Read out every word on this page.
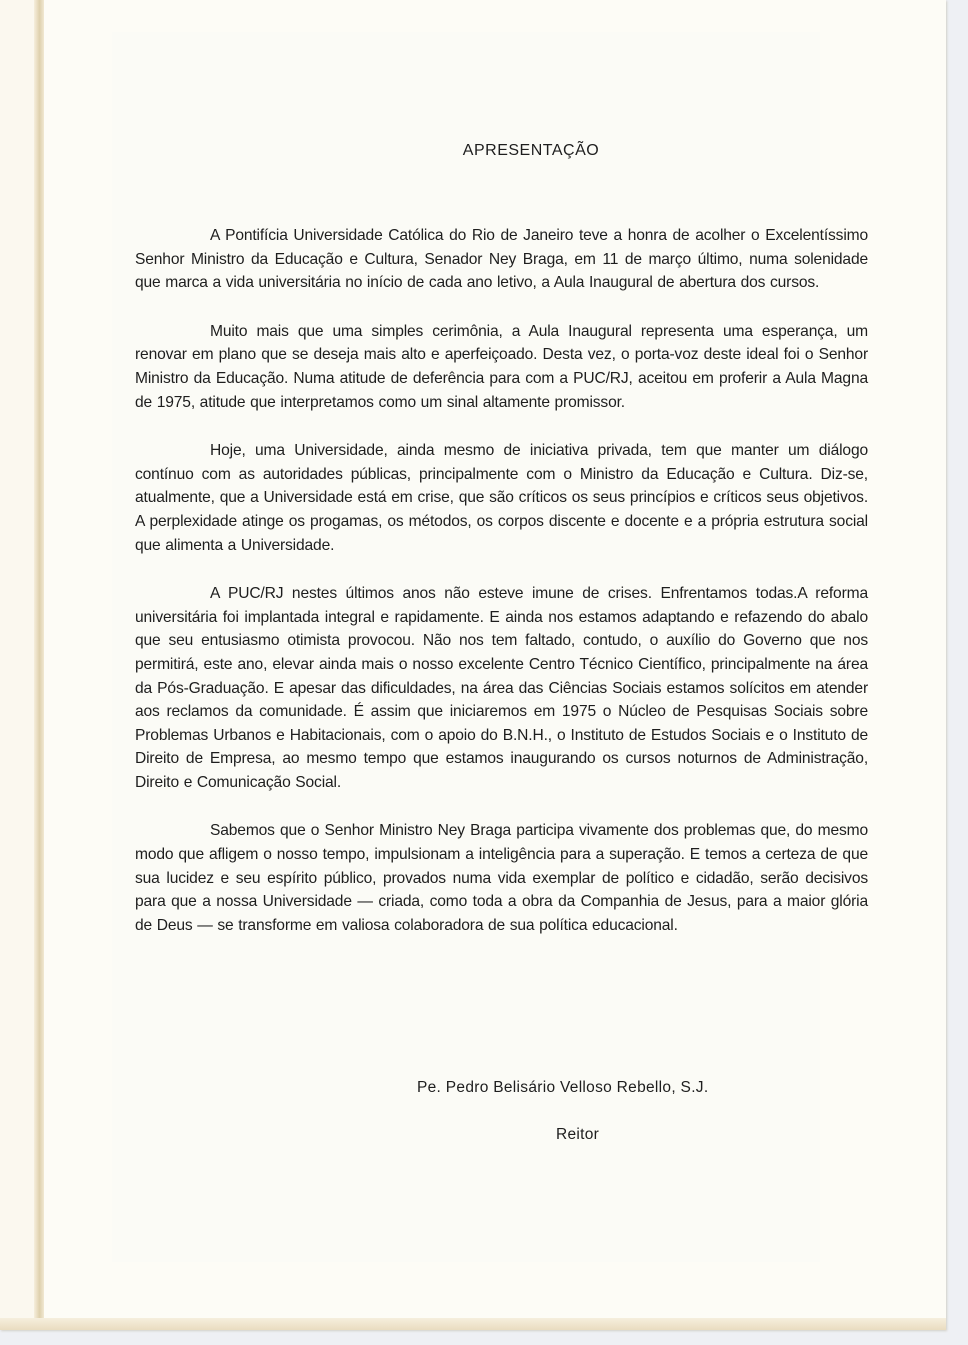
APRESENTAÇÃO

A Pontifícia Universidade Católica do Rio de Janeiro teve a honra de acolher o Excelentíssimo Senhor Ministro da Educação e Cultura, Senador Ney Braga, em 11 de março último, numa solenidade que marca a vida universitária no início de cada ano letivo, a Aula Inaugural de abertura dos cursos.

Muito mais que uma simples cerimônia, a Aula Inaugural representa uma esperança, um renovar em plano que se deseja mais alto e aperfeiçoado. Desta vez, o porta-voz deste ideal foi o Senhor Ministro da Educação. Numa atitude de deferência para com a PUC/RJ, aceitou em proferir a Aula Magna de 1975, atitude que interpretamos como um sinal altamente promissor.

Hoje, uma Universidade, ainda mesmo de iniciativa privada, tem que manter um diálogo contínuo com as autoridades públicas, principalmente com o Ministro da Educação e Cultura. Diz-se, atualmente, que a Universidade está em crise, que são críticos os seus princípios e críticos seus objetivos. A perplexidade atinge os progamas, os métodos, os corpos discente e docente e a própria estrutura social que alimenta a Universidade.

A PUC/RJ nestes últimos anos não esteve imune de crises. Enfrentamos todas.A reforma universitária foi implantada integral e rapidamente. E ainda nos estamos adaptando e refazendo do abalo que seu entusiasmo otimista provocou. Não nos tem faltado, contudo, o auxílio do Governo que nos permitirá, este ano, elevar ainda mais o nosso excelente Centro Técnico Científico, principalmente na área da Pós-Graduação. E apesar das dificuldades, na área das Ciências Sociais estamos solícitos em atender aos reclamos da comunidade. É assim que iniciaremos em 1975 o Núcleo de Pesquisas Sociais sobre Problemas Urbanos e Habitacionais, com o apoio do B.N.H., o Instituto de Estudos Sociais e o Instituto de Direito de Empresa, ao mesmo tempo que estamos inaugurando os cursos noturnos de Administração, Direito e Comunicação Social.

Sabemos que o Senhor Ministro Ney Braga participa vivamente dos problemas que, do mesmo modo que afligem o nosso tempo, impulsionam a inteligência para a superação. E temos a certeza de que sua lucidez e seu espírito público, provados numa vida exemplar de político e cidadão, serão decisivos para que a nossa Universidade — criada, como toda a obra da Companhia de Jesus, para a maior glória de Deus — se transforme em valiosa colaboradora de sua política educacional.

Pe. Pedro Belisário Velloso Rebello, S.J.
Reitor
